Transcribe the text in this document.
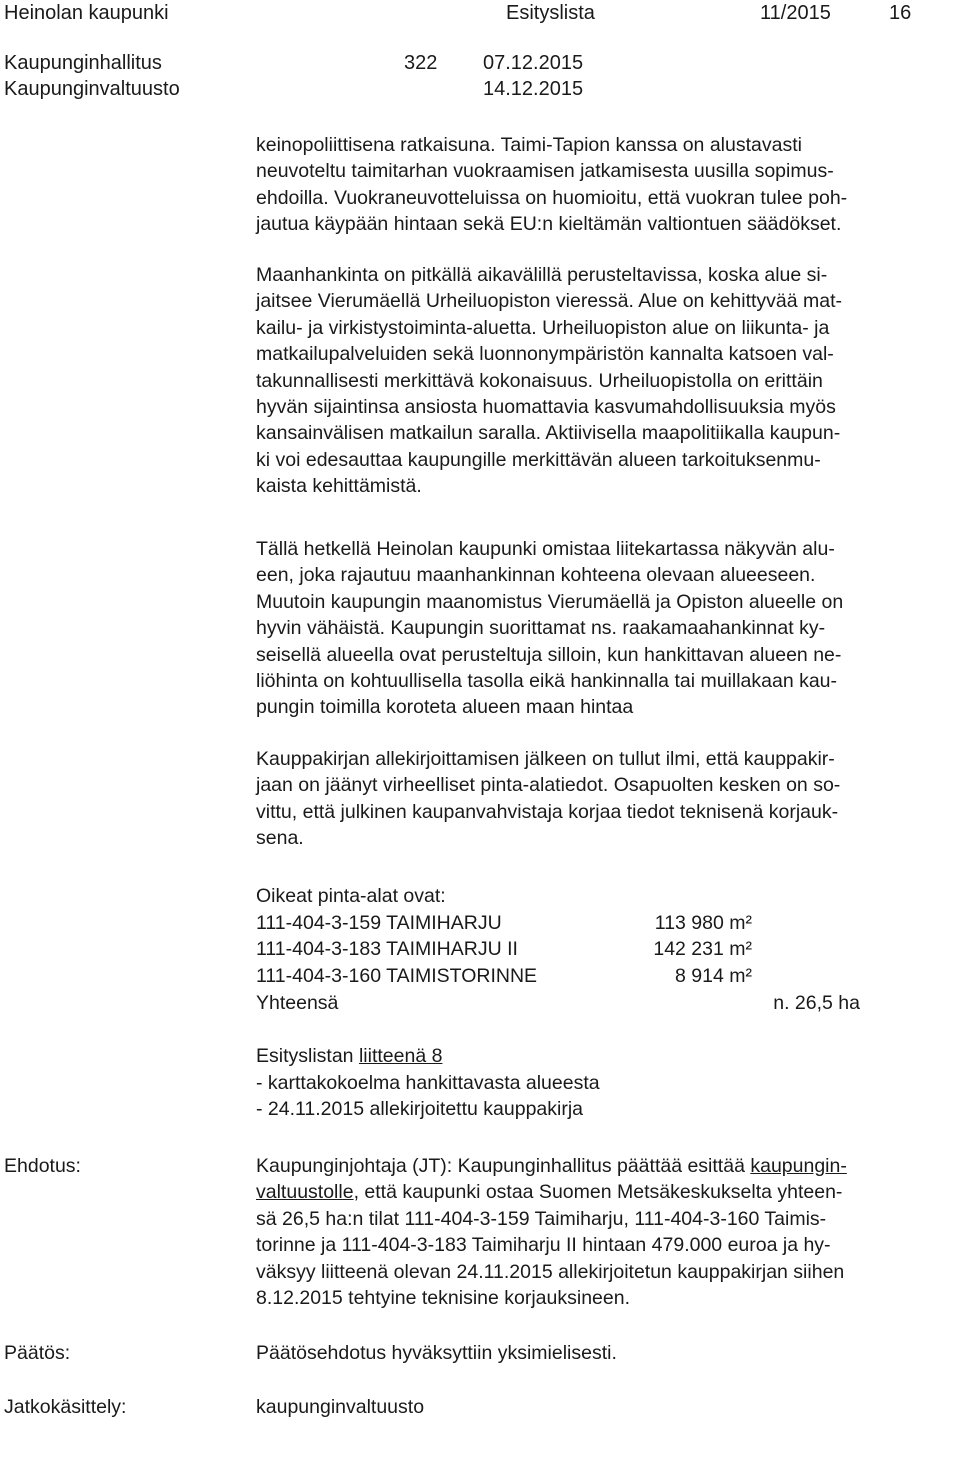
Heinolan kaupunki	Esityslista	11/2015	16
Kaupunginhallitus	322 07.12.2015
Kaupunginvaltuusto	14.12.2015

keinopoliittisena ratkaisuna. Taimi-Tapion kanssa on alustavasti

neuvoteltu taimitarhan vuokraamisen jatkamisesta uusilla sopimus-

ehdoilla. Vuokraneuvotteluissa on huomioitu, että vuokran tulee poh-

jautua käypään hintaan sekä EU:n kieltämän valtiontuen säädökset.

Maanhankinta on pitkällä aikavälillä perusteltavissa, koska alue si-

jaitsee Vierumäellä Urheiluopiston vieressä. Alue on kehittyvää mat-

kailu- ja virkistystoiminta-aluetta. Urheiluopiston alue on liikunta- ja

matkailupalveluiden sekä luonnonympäristön kannalta katsoen val-

takunnallisesti merkittävä kokonaisuus. Urheiluopistolla on erittäin

hyvän sijaintinsa ansiosta huomattavia kasvumahdollisuuksia myös

kansainvälisen matkailun saralla. Aktiivisella maapolitiikalla kaupun-

ki voi edesauttaa kaupungille merkittävän alueen tarkoituksenmu-

kaista kehittämistä.

Tällä hetkellä Heinolan kaupunki omistaa liitekartassa näkyvän alu-

een, joka rajautuu maanhankinnan kohteena olevaan alueeseen.

Muutoin kaupungin maanomistus Vierumäellä ja Opiston alueelle on

hyvin vähäistä. Kaupungin suorittamat ns. raakamaahankinnat ky-

seisellä alueella ovat perusteltuja silloin, kun hankittavan alueen ne-

liöhinta on kohtuullisella tasolla eikä hankinnalla tai muillakaan kau-

pungin toimilla koroteta alueen maan hintaa

Kauppakirjan allekirjoittamisen jälkeen on tullut ilmi, että kauppakir-

jaan on jäänyt virheelliset pinta-alatiedot. Osapuolten kesken on so-

vittu, että julkinen kaupanvahvistaja korjaa tiedot teknisenä korjauk-

sena.

Oikeat pinta-alat ovat:
111-404-3-159 TAIMIHARJU	113 980 m²
111-404-3-183 TAIMIHARJU II	142 231 m²
111-404-3-160 TAIMISTORINNE	8 914 m²
Yhteensä	n. 26,5 ha
Esityslistan liitteenä 8
- karttakokoelma hankittavasta alueesta
- 24.11.2015 allekirjoitettu kauppakirja
Ehdotus:	Kaupunginjohtaja (JT): Kaupunginhallitus päättää esittää kaupungin-

valtuustolle, että kaupunki ostaa Suomen Metsäkeskukselta yhteen-

sä 26,5 ha:n tilat 111-404-3-159 Taimiharju, 111-404-3-160 Taimis-

torinne ja 111-404-3-183 Taimiharju II hintaan 479.000 euroa ja hy-

väksyy liitteenä olevan 24.11.2015 allekirjoitetun kauppakirjan siihen

8.12.2015 tehtyine teknisine korjauksineen.

Päätös:	Päätösehdotus hyväksyttiin yksimielisesti.
Jatkokäsittely:	kaupunginvaltuusto
